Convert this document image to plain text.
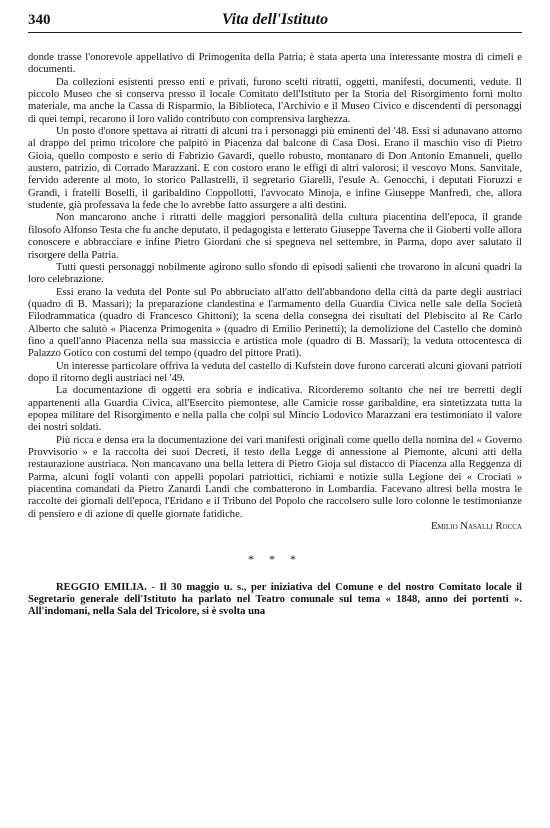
340	Vita dell'Istituto

donde trasse l'onorevole appellativo di Primogenita della Patria; è stata aperta una interessante mostra di cimeli e documenti.

Da collezioni esistenti presso enti e privati, furono scelti ritratti, oggetti, manifesti, documenti, vedute. Il piccolo Museo che si conserva presso il locale Comitato dell'Istituto per la Storia del Risorgimento fornì molto materiale, ma anche la Cassa di Risparmio, la Biblioteca, l'Archivio e il Museo Civico e discendenti di personaggi di quei tempi, recarono il loro valido contributo con comprensiva larghezza.

Un posto d'onore spettava ai ritratti di alcuni tra i personaggi più eminenti del '48. Essi si adunavano attorno al drappo del primo tricolore che palpitò in Piacenza dal balcone di Casa Dosi. Erano il maschio viso di Pietro Gioia, quello composto e serio di Fabrizio Gavardi, quello robusto, montanaro di Don Antonio Emanueli, quello austero, patrizio, di Corrado Marazzani. E con costoro erano le effigi di altri valorosi; il vescovo Mons. Sanvitale, fervido aderente al moto, lo storico Pallastrelli, il segretario Giarelli, l'esule A. Genocchi, i deputati Fioruzzi e Grandi, i fratelli Boselli, il garibaldino Coppollotti, l'avvocato Minoja, e infine Giuseppe Manfredi, che, allora studente, già professava la fede che lo avrebbe fatto assurgere a alti destini.

Non mancarono anche i ritratti delle maggiori personalità della cultura piacentina dell'epoca, il grande filosofo Alfonso Testa che fu anche deputato, il pedagogista e letterato Giuseppe Taverna che il Gioberti volle allora conoscere e abbracciare e infine Pietro Giordani che si spegneva nel settembre, in Parma, dopo aver salutato il risorgere della Patria.

Tutti questi personaggi nobilmente agirono sullo sfondo di episodi salienti che trovarono in alcuni quadri la loro celebrazione.

Essi erano la veduta del Ponte sul Po abbruciato all'atto dell'abbandono della città da parte degli austriaci (quadro di B. Massari); la preparazione clandestina e l'armamento della Guardia Civica nelle sale della Società Filodrammatica (quadro di Francesco Ghittoni); la scena della consegna dei risultati del Plebiscito al Re Carlo Alberto che salutò « Piacenza Primogenita » (quadro di Emilio Perinetti); la demolizione del Castello che dominò fino a quell'anno Piacenza nella sua massiccia e artistica mole (quadro di B. Massari); la veduta ottocentesca di Palazzo Gotico con costumi del tempo (quadro del pittore Prati).

Un interesse particolare offriva la veduta del castello di Kufstein dove furono carcerati alcuni giovani patrioti dopo il ritorno degli austriaci nel '49.

La documentazione di oggetti era sobria e indicativa. Ricorderemo soltanto che nei tre berretti degli appartenenti alla Guardia Civica, all'Esercito piemontese, alle Camicie rosse garibaldine, era sintetizzata tutta la epopea militare del Risorgimento e nella palla che colpì sul Mincio Lodovico Marazzani era testimoniato il valore dei nostri soldati.

Più ricca e densa era la documentazione dei vari manifesti originali come quello della nomina del « Governo Provvisorio » e la raccolta dei suoi Decreti, il testo della Legge di annessione al Piemonte, alcuni atti della restaurazione austriaca. Non mancavano una bella lettera di Pietro Gioja sul distacco di Piacenza alla Reggenza di Parma, alcuni fogli volanti con appelli popolari patriottici, richiami e notizie sulla Legione dei « Crociati » piacentina comandati da Pietro Zanardi Landi che combatterono in Lombardia. Facevano altresì bella mostra le raccolte dei giornali dell'epoca, l'Eridano e il Tribuno del Popolo che raccolsero sulle loro colonne le testimonianze di pensiero e di azione di quelle giornate fatidiche.

Emilio Nasalli Rocca
* * *

REGGIO EMILIA. - Il 30 maggio u. s., per iniziativa del Comune e del nostro Comitato locale il Segretario generale dell'Istituto ha parlato nel Teatro comunale sul tema « 1848, anno dei portenti ». All'indomani, nella Sala del Tricolore, si è svolta una
